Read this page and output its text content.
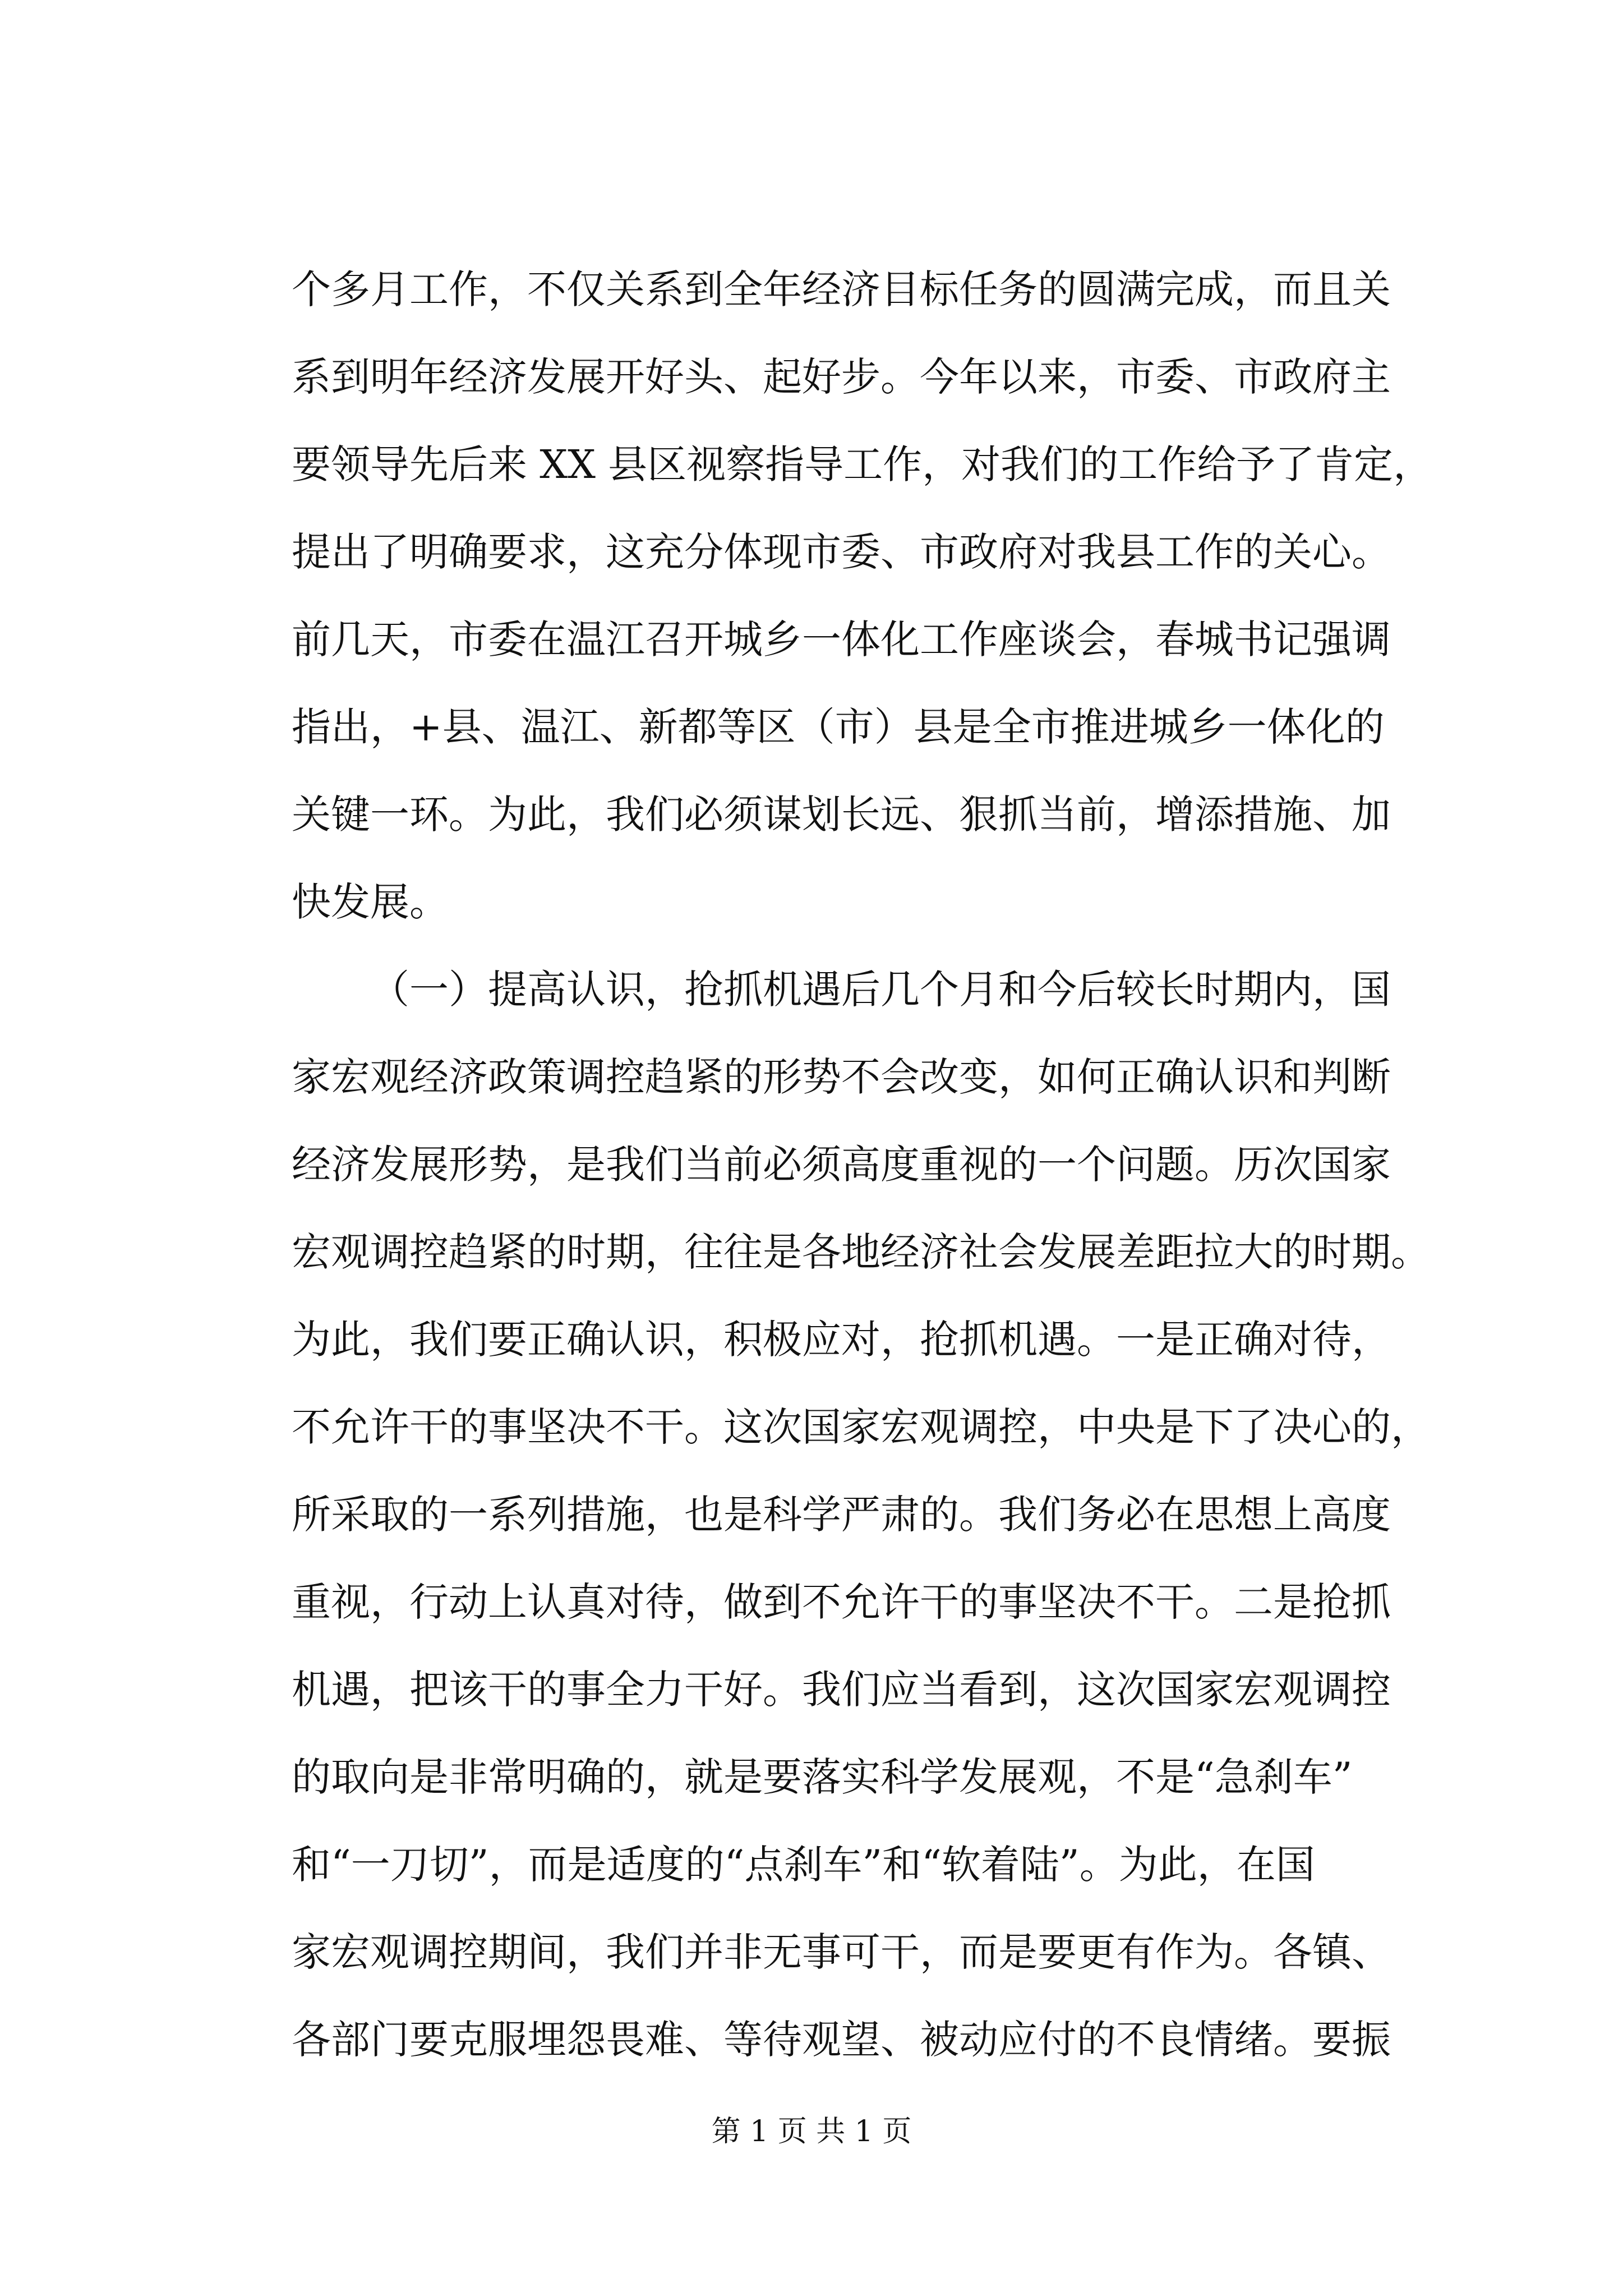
个多月工作，不仅关系到全年经济目标任务的圆满完成，而且关
系到明年经济发展开好头、起好步。今年以来，市委、市政府主
要领导先后来 XX 县区视察指导工作，对我们的工作给予了肯定，
提出了明确要求，这充分体现市委、市政府对我县工作的关心。
前几天，市委在温江召开城乡一体化工作座谈会，春城书记强调
指出，+县、温江、新都等区（市）县是全市推进城乡一体化的
关键一环。为此，我们必须谋划长远、狠抓当前，增添措施、加
快发展。
（一）提高认识，抢抓机遇后几个月和今后较长时期内，国
家宏观经济政策调控趋紧的形势不会改变，如何正确认识和判断
经济发展形势，是我们当前必须高度重视的一个问题。历次国家
宏观调控趋紧的时期，往往是各地经济社会发展差距拉大的时期。
为此，我们要正确认识，积极应对，抢抓机遇。一是正确对待，
不允许干的事坚决不干。这次国家宏观调控，中央是下了决心的，
所采取的一系列措施，也是科学严肃的。我们务必在思想上高度
重视，行动上认真对待，做到不允许干的事坚决不干。二是抢抓
机遇，把该干的事全力干好。我们应当看到，这次国家宏观调控
的取向是非常明确的，就是要落实科学发展观，不是“急刹车”
和“一刀切”，而是适度的“点刹车”和“软着陆”。为此，在国
家宏观调控期间，我们并非无事可干，而是要更有作为。各镇、
各部门要克服埋怨畏难、等待观望、被动应付的不良情绪。要振
第 1 页 共 1 页
